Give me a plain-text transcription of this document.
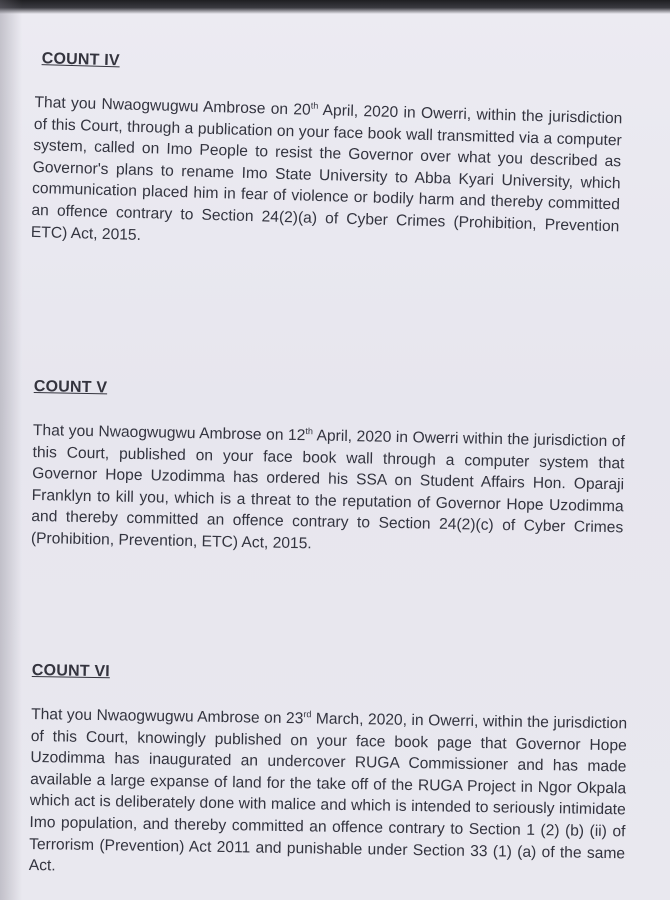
COUNT IV

That you Nwaogwugwu Ambrose on 20th April, 2020 in Owerri, within the jurisdiction of this Court, through a publication on your face book wall transmitted via a computer system, called on Imo People to resist the Governor over what you described as Governor's plans to rename Imo State University to Abba Kyari University, which communication placed him in fear of violence or bodily harm and thereby committed an offence contrary to Section 24(2)(a) of Cyber Crimes (Prohibition, Prevention ETC) Act, 2015.

COUNT V

That you Nwaogwugwu Ambrose on 12th April, 2020 in Owerri within the jurisdiction of this Court, published on your face book wall through a computer system that Governor Hope Uzodimma has ordered his SSA on Student Affairs Hon. Oparaji Franklyn to kill you, which is a threat to the reputation of Governor Hope Uzodimma and thereby committed an offence contrary to Section 24(2)(c) of Cyber Crimes (Prohibition, Prevention, ETC) Act, 2015.

COUNT VI

That you Nwaogwugwu Ambrose on 23rd March, 2020, in Owerri, within the jurisdiction of this Court, knowingly published on your face book page that Governor Hope Uzodimma has inaugurated an undercover RUGA Commissioner and has made available a large expanse of land for the take off of the RUGA Project in Ngor Okpala which act is deliberately done with malice and which is intended to seriously intimidate Imo population, and thereby committed an offence contrary to Section 1 (2) (b) (ii) of Terrorism (Prevention) Act 2011 and punishable under Section 33 (1) (a) of the same Act.
